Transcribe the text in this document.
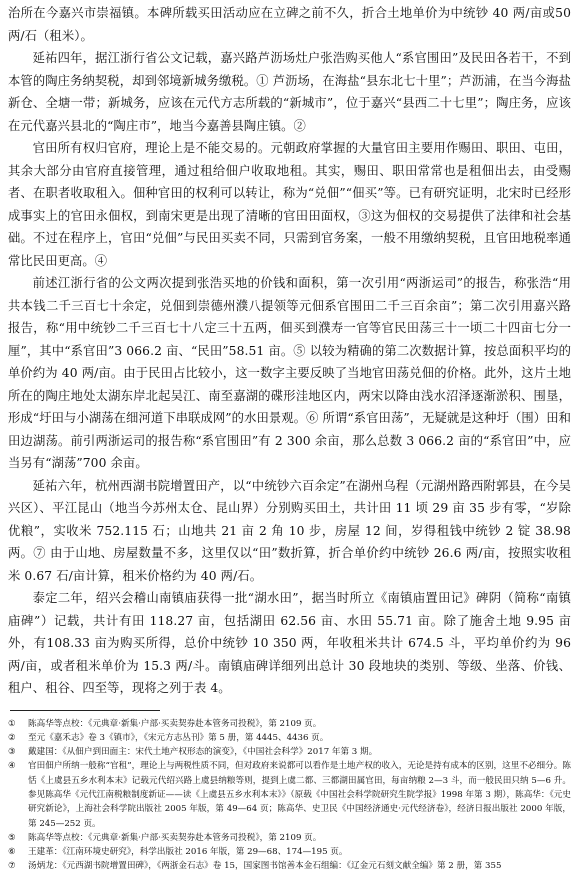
治所在今嘉兴市崇福镇。本碑所载买田活动应在立碑之前不久，折合土地单价为中统钞 40 两/亩或50 两/石（租米）。

延祐四年，据江浙行省公文记载，嘉兴路芦沥场灶户张浩购买他人“系官围田”及民田各若干，不到本管的陶庄务纳契税，却到邻境新城务缴税。① 芦沥场，在海盐“县东北七十里”；芦沥浦，在当今海盐新仓、全塘一带；新城务，应该在元代方志所载的“新城市”，位于嘉兴“县西二十七里”；陶庄务，应该在元代嘉兴县北的“陶庄市”，地当今嘉善县陶庄镇。②

官田所有权归官府，理论上是不能交易的。元朝政府掌握的大量官田主要用作赐田、职田、屯田，其余大部分由官府直接管理，通过租给佃户收取地租。其实，赐田、职田常常也是租佃出去，由受赐者、在职者收取租入。佃种官田的权利可以转让，称为“兑佃”“佃买”等。已有研究证明，北宋时已经形成事实上的官田永佃权，到南宋更是出现了清晰的官田田面权，③这为佃权的交易提供了法律和社会基础。不过在程序上，官田“兑佃”与民田买卖不同，只需到官务案，一般不用缴纳契税，且官田地税率通常比民田更高。④

前述江浙行省的公文两次提到张浩买地的价钱和面积，第一次引用“两浙运司”的报告，称张浩“用共本钱二千三百七十余定，兑佃到崇德州濮八提领等元佃系官围田二千三百余亩”；第二次引用嘉兴路报告，称“用中统钞二千三百七十八定三十五两，佃买到濮寿一官等官民田荡三十一顷二十四亩七分一厘”，其中“系官田”3 066.2 亩、“民田”58.51 亩。⑤ 以较为精确的第二次数据计算，按总面积平均的单价约为 40 两/亩。由于民田占比较小，这一数字主要反映了当地官田荡兑佃的价格。此外，这片土地所在的陶庄地处太湖东岸北起吴江、南至嘉湖的碟形洼地区内，两宋以降由浅水沼泽逐渐淤积、围垦，形成“圩田与小湖荡在细河道下串联成网”的水田景观。⑥ 所谓“系官田荡”，无疑就是这种圩（围）田和田边湖荡。前引两浙运司的报告称“系官围田”有 2 300 余亩，那么总数 3 066.2 亩的“系官田”中，应当另有“湖荡”700 余亩。

延祐六年，杭州西湖书院增置田产，以“中统钞六百余定”在湖州乌程（元湖州路西附郭县，在今吴兴区）、平江昆山（地当今苏州太仓、昆山界）分别购买田土，共计田 11 顷 29 亩 35 步有零，“岁除优粮”，实收米 752.115 石；山地共 21 亩 2 角 10 步，房屋 12 间，岁得租钱中统钞 2 锭 38.98 两。⑦ 由于山地、房屋数量不多，这里仅以“田”数折算，折合单价约中统钞 26.6 两/亩，按照实收租米 0.67 石/亩计算，租米价格约为 40 两/石。

泰定二年，绍兴会稽山南镇庙获得一批“湖水田”，据当时所立《南镇庙置田记》碑阴（简称“南镇庙碑”）记载，共计有田 118.27 亩，包括湖田 62.56 亩、水田 55.71 亩。除了施舍土地 9.95 亩外，有108.33 亩为购买所得，总价中统钞 10 350 两，年收租米共计 674.5 斗，平均单价约为 96 两/亩，或者租米单价为 15.3 两/斗。南镇庙碑详细列出总计 30 段地块的类别、等级、坐落、价钱、租户、租谷、四至等，现将之列于表 4。

①	陈高华等点校：《元典章·新集·户部·买卖契券赴本管务司投税》，第 2109 页。
②	至元《嘉禾志》卷 3《镇市》，《宋元方志丛刊》第 5 册，第 4445、4436 页。
③	戴建国：《从佃户到田面主：宋代土地产权形态的演变》，《中国社会科学》2017 年第 3 期。
④	官田佃户所纳一般称“官租”，理论上与两税性质不同，但对政府来说都可以看作是土地产权的收入，无论是持有成本的区别，这里不必细分。陈恬《上虞县五乡水利本末》记载元代绍兴路上虞县纳粮等则，提到上虞二都、三都湖田属官田，每亩纳粮 2—3 斗，而一般民田只纳 5—6 升。参见陈高华《元代江南税粮制度新证——读《上虞县五乡水利本末》》（原载《中国社会科学院研究生院学报》1998 年第 3 期），陈高华：《元史研究新论》，上海社会科学院出版社 2005 年版，第 49—64 页；陈高华、史卫民《中国经济通史·元代经济卷》，经济日报出版社 2000 年版，第 245—252 页。
⑤	陈高华等点校：《元典章·新集·户部·买卖契券赴本管务司投税》，第 2109 页。
⑥	王建革：《江南环境史研究》，科学出版社 2016 年版，第 29—68、174—195 页。
⑦	汤炳龙：《元西湖书院增置田碑》，《两浙金石志》卷 15，国家图书馆善本金石组编：《辽金元石刻文献全编》第 2 册，第 355
